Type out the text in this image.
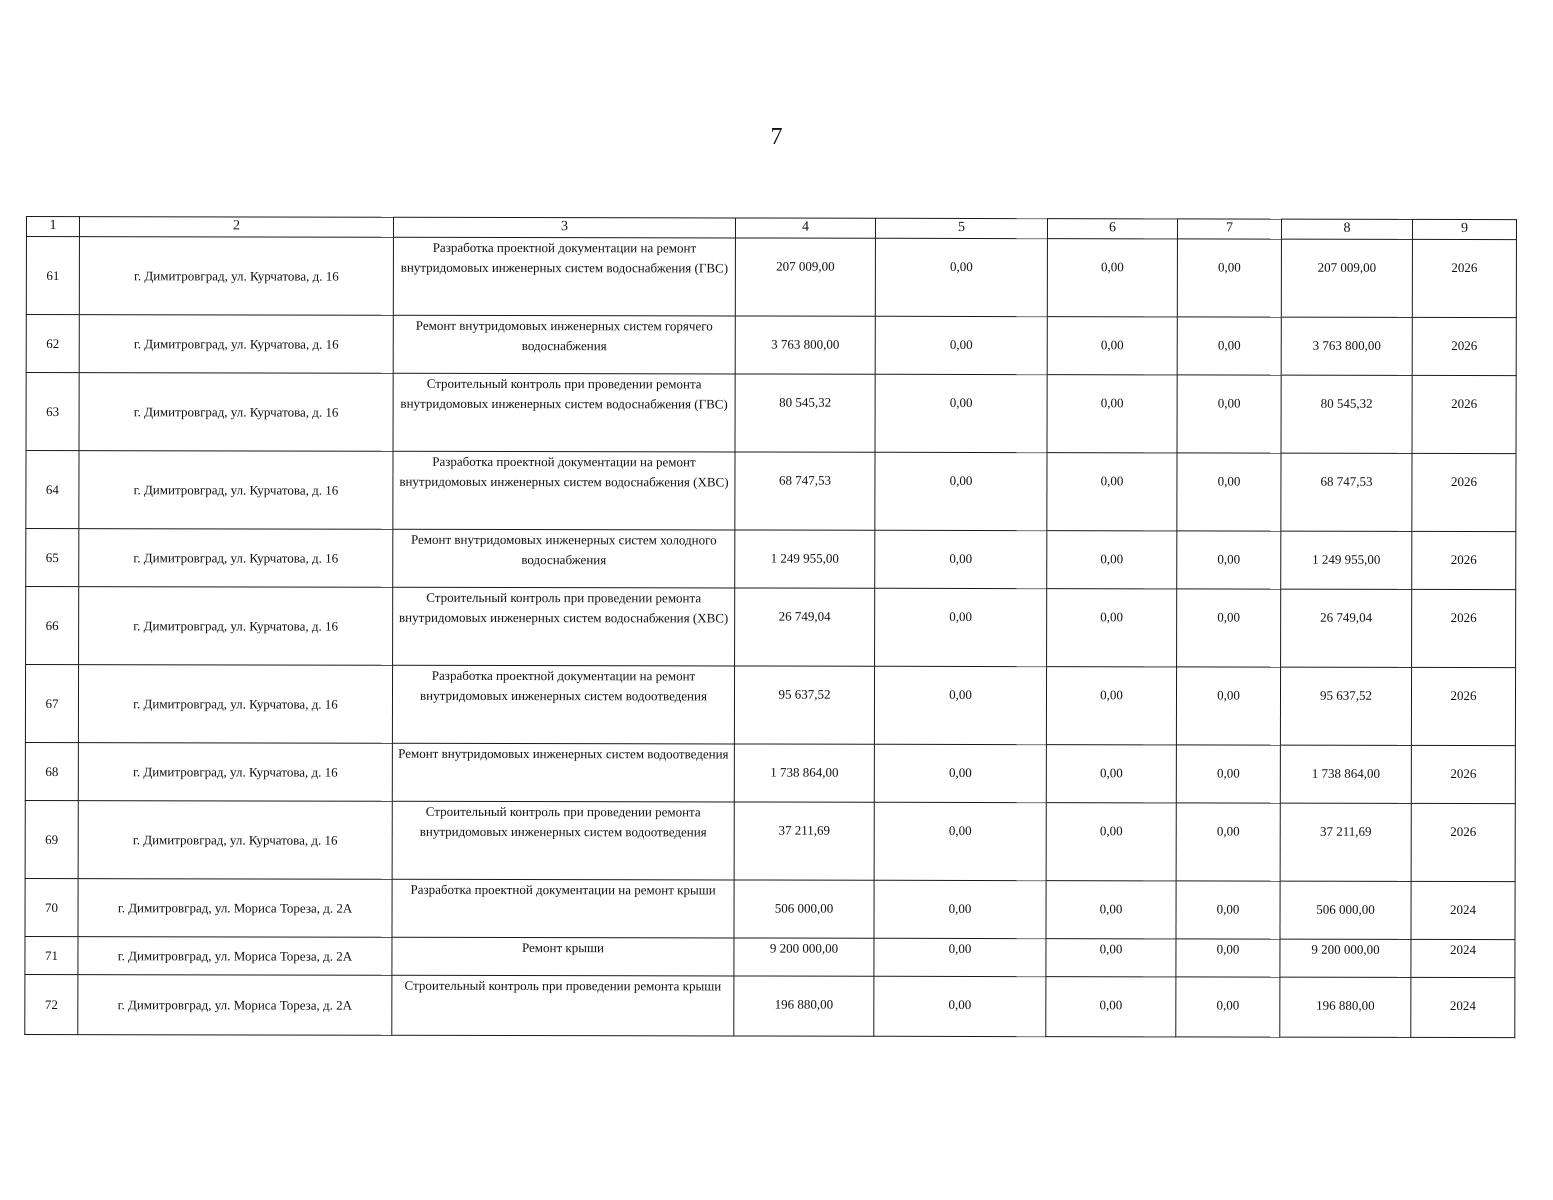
7
1	2	3	4	5	6	7	8	9
61	г. Димитровград, ул. Курчатова, д. 16	Разработка проектной документации на ремонт внутридомовых инженерных систем водоснабжения (ГВС)	207 009,00	0,00	0,00	0,00	207 009,00	2026
62	г. Димитровград, ул. Курчатова, д. 16	Ремонт внутридомовых инженерных систем горячего водоснабжения	3 763 800,00	0,00	0,00	0,00	3 763 800,00	2026
63	г. Димитровград, ул. Курчатова, д. 16	Строительный контроль при проведении ремонта внутридомовых инженерных систем водоснабжения (ГВС)	80 545,32	0,00	0,00	0,00	80 545,32	2026
64	г. Димитровград, ул. Курчатова, д. 16	Разработка проектной документации на ремонт внутридомовых инженерных систем водоснабжения (ХВС)	68 747,53	0,00	0,00	0,00	68 747,53	2026
65	г. Димитровград, ул. Курчатова, д. 16	Ремонт внутридомовых инженерных систем холодного водоснабжения	1 249 955,00	0,00	0,00	0,00	1 249 955,00	2026
66	г. Димитровград, ул. Курчатова, д. 16	Строительный контроль при проведении ремонта внутридомовых инженерных систем водоснабжения (ХВС)	26 749,04	0,00	0,00	0,00	26 749,04	2026
67	г. Димитровград, ул. Курчатова, д. 16	Разработка проектной документации на ремонт внутридомовых инженерных систем водоотведения	95 637,52	0,00	0,00	0,00	95 637,52	2026
68	г. Димитровград, ул. Курчатова, д. 16	Ремонт внутридомовых инженерных систем водоотведения	1 738 864,00	0,00	0,00	0,00	1 738 864,00	2026
69	г. Димитровград, ул. Курчатова, д. 16	Строительный контроль при проведении ремонта внутридомовых инженерных систем водоотведения	37 211,69	0,00	0,00	0,00	37 211,69	2026
70	г. Димитровград, ул. Мориса Тореза, д. 2А	Разработка проектной документации на ремонт крыши	506 000,00	0,00	0,00	0,00	506 000,00	2024
71	г. Димитровград, ул. Мориса Тореза, д. 2А	Ремонт крыши	9 200 000,00	0,00	0,00	0,00	9 200 000,00	2024
72	г. Димитровград, ул. Мориса Тореза, д. 2А	Строительный контроль при проведении ремонта крыши	196 880,00	0,00	0,00	0,00	196 880,00	2024
